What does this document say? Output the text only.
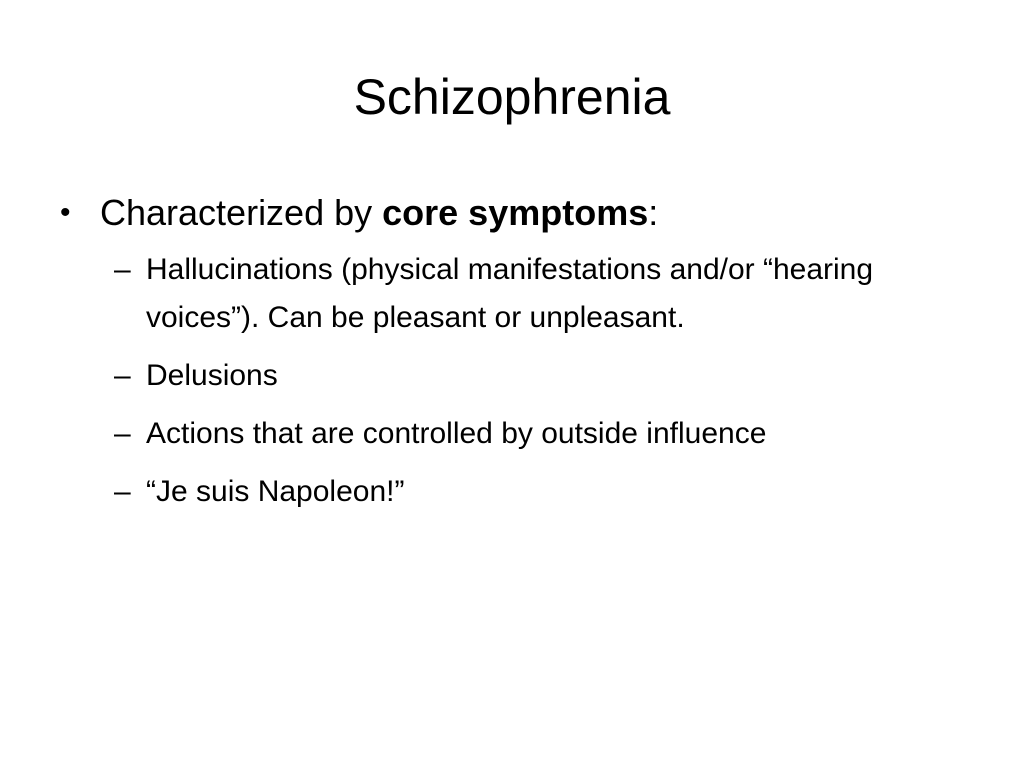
Schizophrenia
• Characterized by core symptoms:
– Hallucinations (physical manifestations and/or “hearing voices”). Can be pleasant or unpleasant.
– Delusions
– Actions that are controlled by outside influence
– “Je suis Napoleon!”
